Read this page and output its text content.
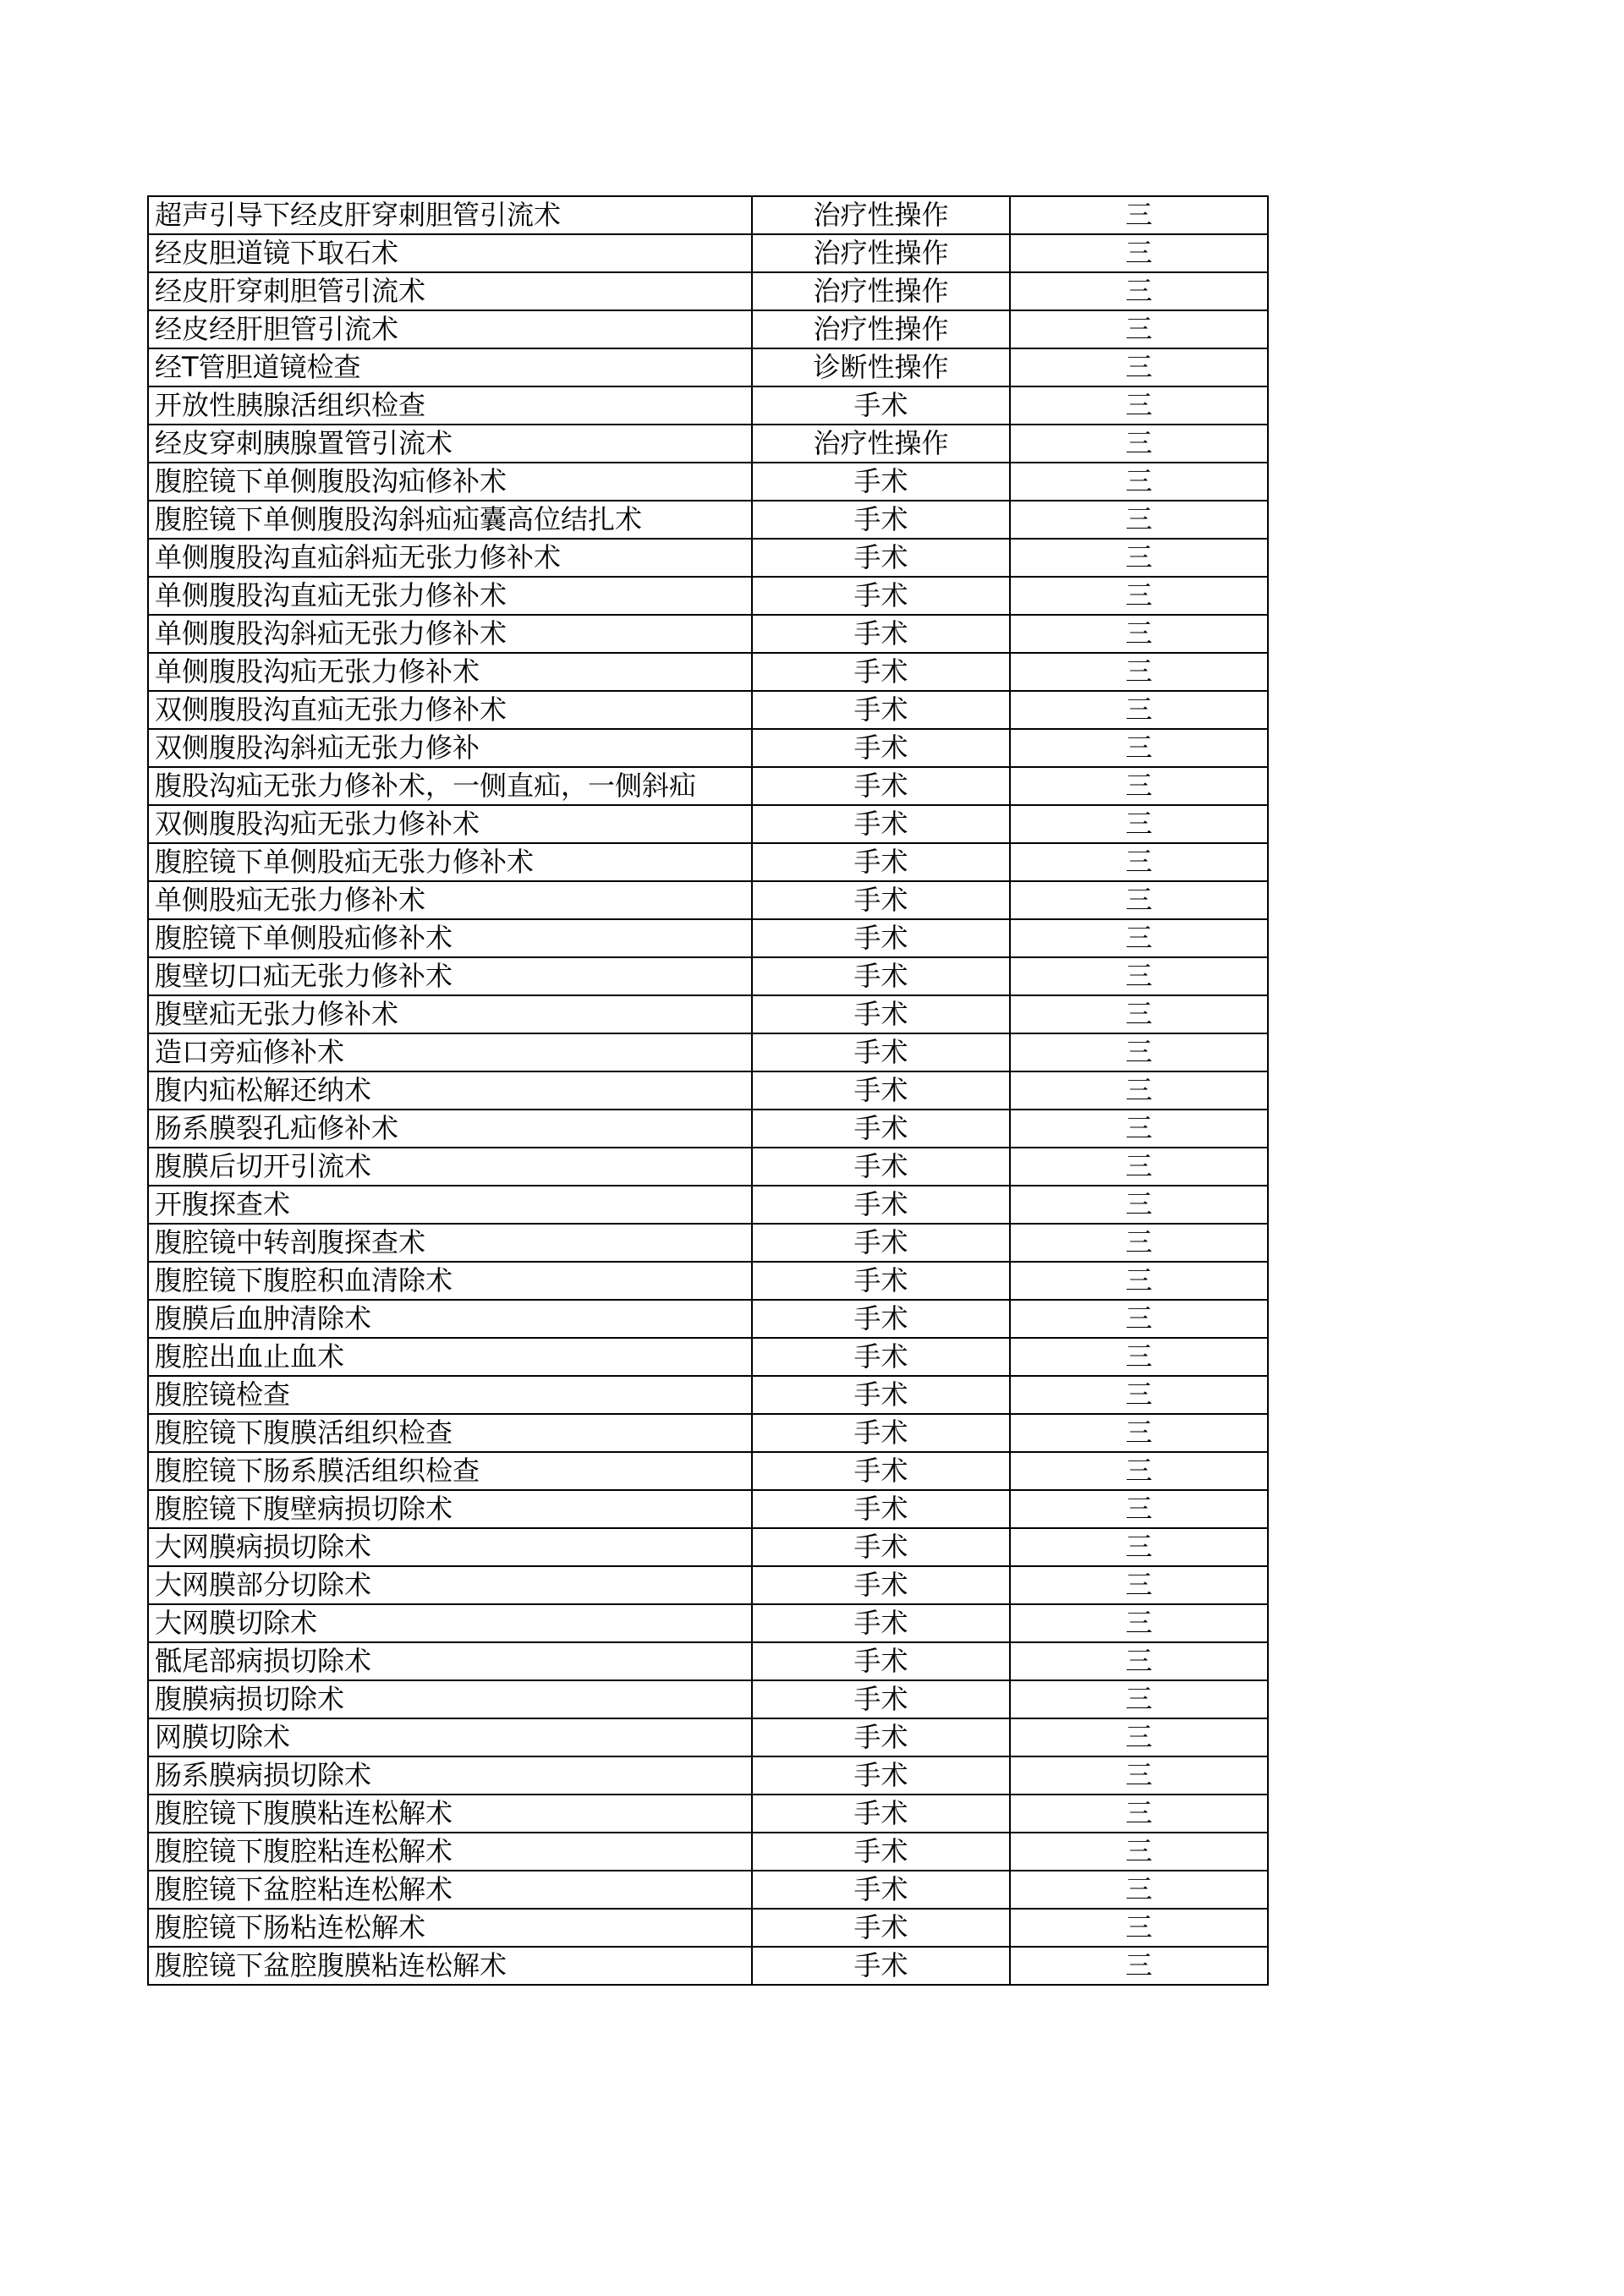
超声引导下经皮肝穿刺胆管引流术	治疗性操作	三
经皮胆道镜下取石术	治疗性操作	三
经皮肝穿刺胆管引流术	治疗性操作	三
经皮经肝胆管引流术	治疗性操作	三
经T管胆道镜检查	诊断性操作	三
开放性胰腺活组织检查	手术	三
经皮穿刺胰腺置管引流术	治疗性操作	三
腹腔镜下单侧腹股沟疝修补术	手术	三
腹腔镜下单侧腹股沟斜疝疝囊高位结扎术	手术	三
单侧腹股沟直疝斜疝无张力修补术	手术	三
单侧腹股沟直疝无张力修补术	手术	三
单侧腹股沟斜疝无张力修补术	手术	三
单侧腹股沟疝无张力修补术	手术	三
双侧腹股沟直疝无张力修补术	手术	三
双侧腹股沟斜疝无张力修补	手术	三
腹股沟疝无张力修补术，一侧直疝，一侧斜疝	手术	三
双侧腹股沟疝无张力修补术	手术	三
腹腔镜下单侧股疝无张力修补术	手术	三
单侧股疝无张力修补术	手术	三
腹腔镜下单侧股疝修补术	手术	三
腹壁切口疝无张力修补术	手术	三
腹壁疝无张力修补术	手术	三
造口旁疝修补术	手术	三
腹内疝松解还纳术	手术	三
肠系膜裂孔疝修补术	手术	三
腹膜后切开引流术	手术	三
开腹探查术	手术	三
腹腔镜中转剖腹探查术	手术	三
腹腔镜下腹腔积血清除术	手术	三
腹膜后血肿清除术	手术	三
腹腔出血止血术	手术	三
腹腔镜检查	手术	三
腹腔镜下腹膜活组织检查	手术	三
腹腔镜下肠系膜活组织检查	手术	三
腹腔镜下腹壁病损切除术	手术	三
大网膜病损切除术	手术	三
大网膜部分切除术	手术	三
大网膜切除术	手术	三
骶尾部病损切除术	手术	三
腹膜病损切除术	手术	三
网膜切除术	手术	三
肠系膜病损切除术	手术	三
腹腔镜下腹膜粘连松解术	手术	三
腹腔镜下腹腔粘连松解术	手术	三
腹腔镜下盆腔粘连松解术	手术	三
腹腔镜下肠粘连松解术	手术	三
腹腔镜下盆腔腹膜粘连松解术	手术	三
